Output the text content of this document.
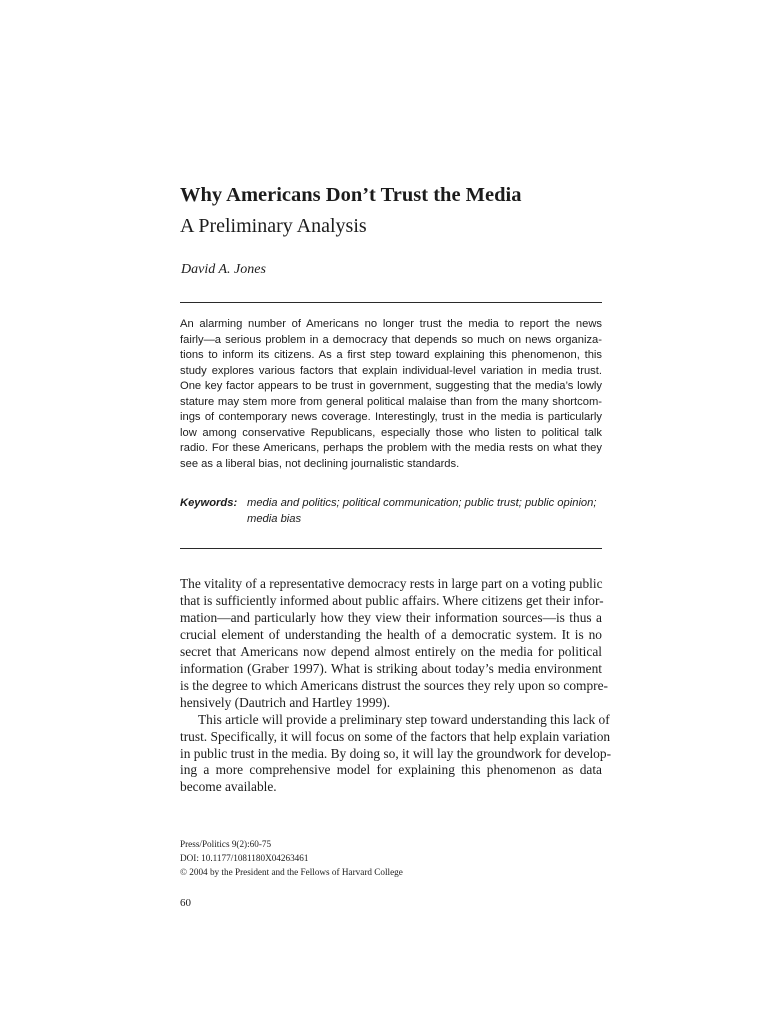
Why Americans Don’t Trust the Media
A Preliminary Analysis
David A. Jones
An alarming number of Americans no longer trust the media to report the news
fairly—a serious problem in a democracy that depends so much on news organiza-
tions to inform its citizens. As a first step toward explaining this phenomenon, this
study explores various factors that explain individual-level variation in media trust.
One key factor appears to be trust in government, suggesting that the media’s lowly
stature may stem more from general political malaise than from the many shortcom-
ings of contemporary news coverage. Interestingly, trust in the media is particularly
low among conservative Republicans, especially those who listen to political talk
radio. For these Americans, perhaps the problem with the media rests on what they
see as a liberal bias, not declining journalistic standards.
Keywords: media and politics; political communication; public trust; public opinion;
media bias
The vitality of a representative democracy rests in large part on a voting public
that is sufficiently informed about public affairs. Where citizens get their infor-
mation—and particularly how they view their information sources—is thus a
crucial element of understanding the health of a democratic system. It is no
secret that Americans now depend almost entirely on the media for political
information (Graber 1997). What is striking about today’s media environment
is the degree to which Americans distrust the sources they rely upon so compre-
hensively (Dautrich and Hartley 1999).
This article will provide a preliminary step toward understanding this lack of
trust. Specifically, it will focus on some of the factors that help explain variation
in public trust in the media. By doing so, it will lay the groundwork for develop-
ing a more comprehensive model for explaining this phenomenon as data
become available.
Press/Politics 9(2):60-75
DOI: 10.1177/1081180X04263461
© 2004 by the President and the Fellows of Harvard College
60
